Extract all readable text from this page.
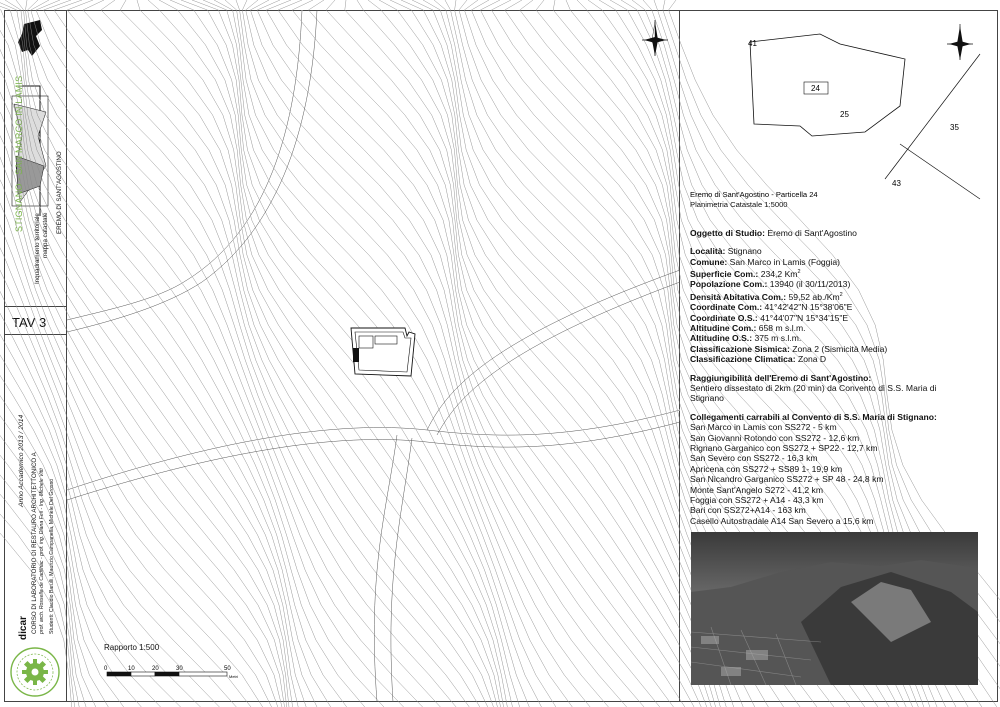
STIGNANO - SAN MARCO IN LAMIS
Inquadramento territoriale mappa catastale
EREMO DI SANT'AGOSTINO
TAV 3
Anno Accademico 2013 / 2014 CORSO DI LABORATORIO DI RESTAURO ARCHITETTONICO A prof. arch. Rossella de Cadilhac - prof. ing. Diana Feil - Ing. Michele Vitti Studenti: Claudio Barulli, Maurizio Campanella, Michele Del Grosso
dicar
Rapporto 1:500
0	10	20	30	50
Metri
41
24
25
35
43
Eremo di Sant'Agostino - Particella 24
Planimetria Catastale 1:5000
Oggetto di Studio: Eremo di Sant'Agostino
Località: Stignano
Comune: San Marco in Lamis (Foggia)
Superficie Com.: 234,2 Km$^2$
Popolazione Com.: 13940 (il 30/11/2013)
Densità Abitativa Com.: 59,52 ab./Km$^2$
Coordinate Com.: 41°42'42"N 15°38'06"E
Coordinate O.S.: 41°44'07"N 15°34'15"E
Altitudine Com.: 658 m s.l.m.
Altitudine O.S.: 375 m s.l.m.
Classificazione Sismica: Zona 2 (Sismicità Media)
Classificazione Climatica: Zona D
Raggiungibilità dell'Eremo di Sant'Agostino:
Sentiero dissestato di 2km (20 min) da Convento di S.S. Maria di
Stignano
Collegamenti carrabili al Convento di S.S. Maria di Stignano:
San Marco in Lamis con SS272 - 5 km
San Giovanni Rotondo con SS272 - 12,6 km
Rignano Garganico con SS272 + SP22 - 12,7 km
San Severo con SS272 - 16,3 km
Apricena con SS272 + SS89 1- 19,9 km
San Nicandro Garganico SS272 + SP 48 - 24,8 km
Monte Sant'Angelo S272 - 41,2 km
Foggia con SS272 + A14 - 43,3 km
Bari con SS272+A14 - 163 km
Casello Autostradale A14 San Severo a 15,6 km
